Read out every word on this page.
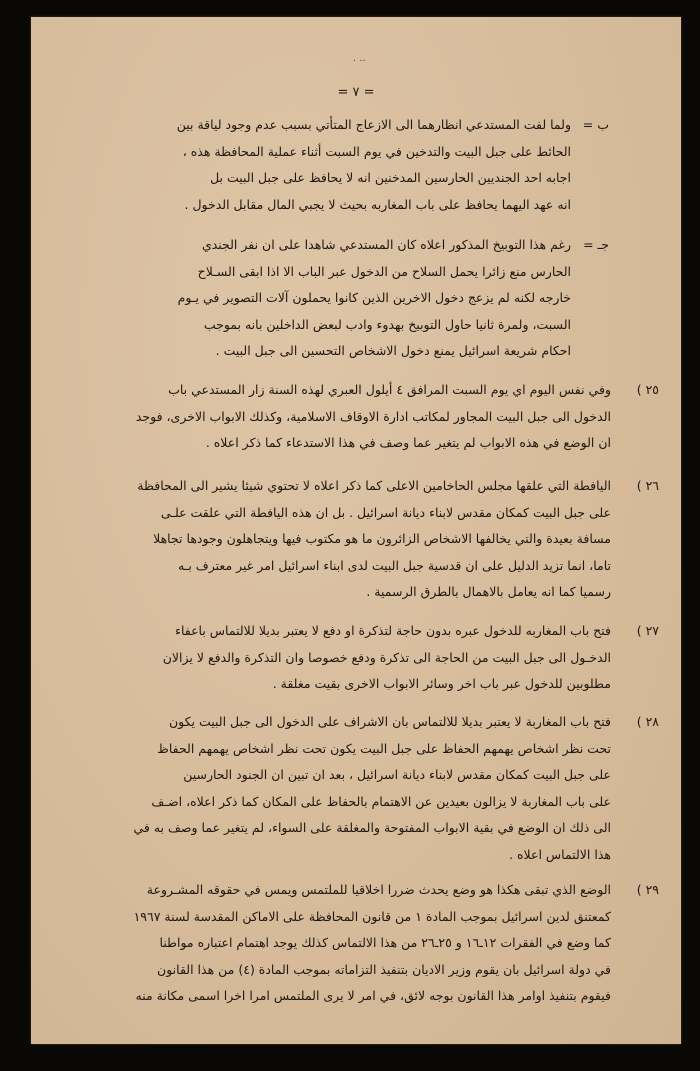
. ..
= ٧ =
ب =
ولما لفت المستدعي انظارهما الى الازعاج المتأتي بسبب عدم وجود لياقة بين
الحائط على جبل البيت والتدخين في يوم السبت أثناء عملية المحافظة هذه ،
اجابه احد الجنديين الحارسين المدخنين انه لا يحافظ على جبل البيت بل
انه عهد اليهما يحافظ على باب المغاربه بحيث لا يجبي المال مقابل الدخول .
جـ =
رغم هذا التوبيخ المذكور اعلاه كان المستدعي شاهدا على ان نفر الجندي
الحارس منع زائرا يحمل السلاح من الدخول عبر الباب الا اذا ابقى السـلاح
خارجه لكنه لم يزعج دخول الاخرين الذين كانوا يحملون آلات التصوير في يـوم
السبت، ولمرة ثانيا حاول التوبيخ بهدوء وادب لبعض الداخلين بانه بموجب
احكام شريعة اسرائيل يمنع دخول الاشخاص التحسين الى جبل البيت .
٢٥ )
وفي نفس اليوم اي يوم السبت المرافق ٤ أيلول العبري لهذه السنة زار المستدعي باب
الدخول الى جبل البيت المجاور لمكاتب ادارة الاوقاف الاسلامية، وكذلك الابواب الاخرى، فوجد
ان الوضع في هذه الابواب لم يتغير عما وصف في هذا الاستدعاء كما ذكر اعلاه .
٢٦ )
اليافطة التي علقها مجلس الحاخامين الاعلى كما ذكر اعلاه لا تحتوي شيئا يشير الى المحافظة
على جبل البيت كمكان مقدس لابناء ديانة اسرائيل . بل ان هذه اليافطة التي علقت علـى
مسافة بعيدة والتي يخالفها الاشخاص الزائرون ما هو مكتوب فيها ويتجاهلون وجودها تجاهلا
تاما، انما تزيد الدليل على ان قدسية جبل البيت لدى ابناء اسرائيل امر غير معترف بـه
رسميا كما انه يعامل بالاهمال بالطرق الرسمية .
٢٧ )
فتح باب المغاربه للدخول عبره بدون حاجة لتذكرة او دفع لا يعتبر بديلا للالتماس باعفاء
الدخـول الى جبل البيت من الحاجة الى تذكرة ودفع خصوصا وان التذكرة والدفع لا يزالان
مطلوبين للدخول عبر باب اخر وسائر الابواب الاخرى بقيت مغلقة .
٢٨ )
فتح باب المغاربة لا يعتبر بديلا للالتماس بان الاشراف على الدخول الى جبل البيت يكون
تحت نظر اشخاص يهمهم الحفاظ على جبل البيت يكون تحت نظر اشخاص يهمهم الحفاظ
على جبل البيت كمكان مقدس لابناء ديانة اسرائيل ، بعد ان تبين ان الجنود الحارسين
على باب المغاربة لا يزالون بعيدين عن الاهتمام بالحفاظ على المكان كما ذكر اعلاه، اضـف
الى ذلك ان الوضع في بقية الابواب المفتوحة والمغلقة على السواء، لم يتغير عما وصف به في
هذا الالتماس اعلاه .
٢٩ )
الوضع الذي تبقى هكذا هو وضع يحدث ضررا اخلاقيا للملتمس ويمس في حقوقه المشـروعة
كمعتنق لدين اسرائيل بموجب المادة ١ من قانون المحافظة على الاماكن المقدسة لسنة ١٩٦٧
كما وضع في الفقرات ١٢ـ١٦ و ٢٥ـ٢٦ من هذا الالتماس كذلك يوجد اهتمام اعتباره مواطنا
في دولة اسرائيل بان يقوم وزير الاديان بتنفيذ التزاماته بموجب المادة (٤) من هذا القانون
فيقوم بتنفيذ اوامر هذا القانون بوجه لائق، في امر لا يرى الملتمس امرا اخرا اسمى مكانة منه
